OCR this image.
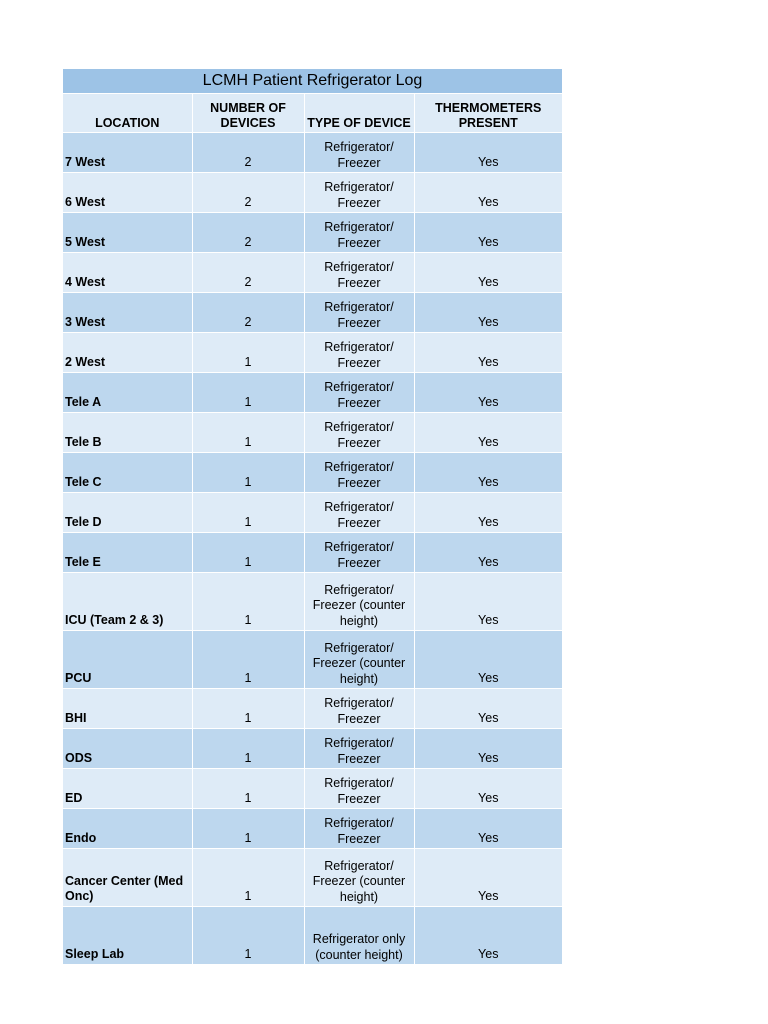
LCMH Patient Refrigerator Log
LOCATION	NUMBER OF DEVICES	TYPE OF DEVICE	THERMOMETERS PRESENT
7 West	2	Refrigerator/ Freezer	Yes
6 West	2	Refrigerator/ Freezer	Yes
5 West	2	Refrigerator/ Freezer	Yes
4 West	2	Refrigerator/ Freezer	Yes
3 West	2	Refrigerator/ Freezer	Yes
2 West	1	Refrigerator/ Freezer	Yes
Tele A	1	Refrigerator/ Freezer	Yes
Tele B	1	Refrigerator/ Freezer	Yes
Tele C	1	Refrigerator/ Freezer	Yes
Tele D	1	Refrigerator/ Freezer	Yes
Tele E	1	Refrigerator/ Freezer	Yes
ICU (Team 2 & 3)	1	Refrigerator/ Freezer (counter height)	Yes
PCU	1	Refrigerator/ Freezer (counter height)	Yes
BHI	1	Refrigerator/ Freezer	Yes
ODS	1	Refrigerator/ Freezer	Yes
ED	1	Refrigerator/ Freezer	Yes
Endo	1	Refrigerator/ Freezer	Yes
Cancer Center (Med Onc)	1	Refrigerator/ Freezer (counter height)	Yes
Sleep Lab	1	Refrigerator only (counter height)	Yes
